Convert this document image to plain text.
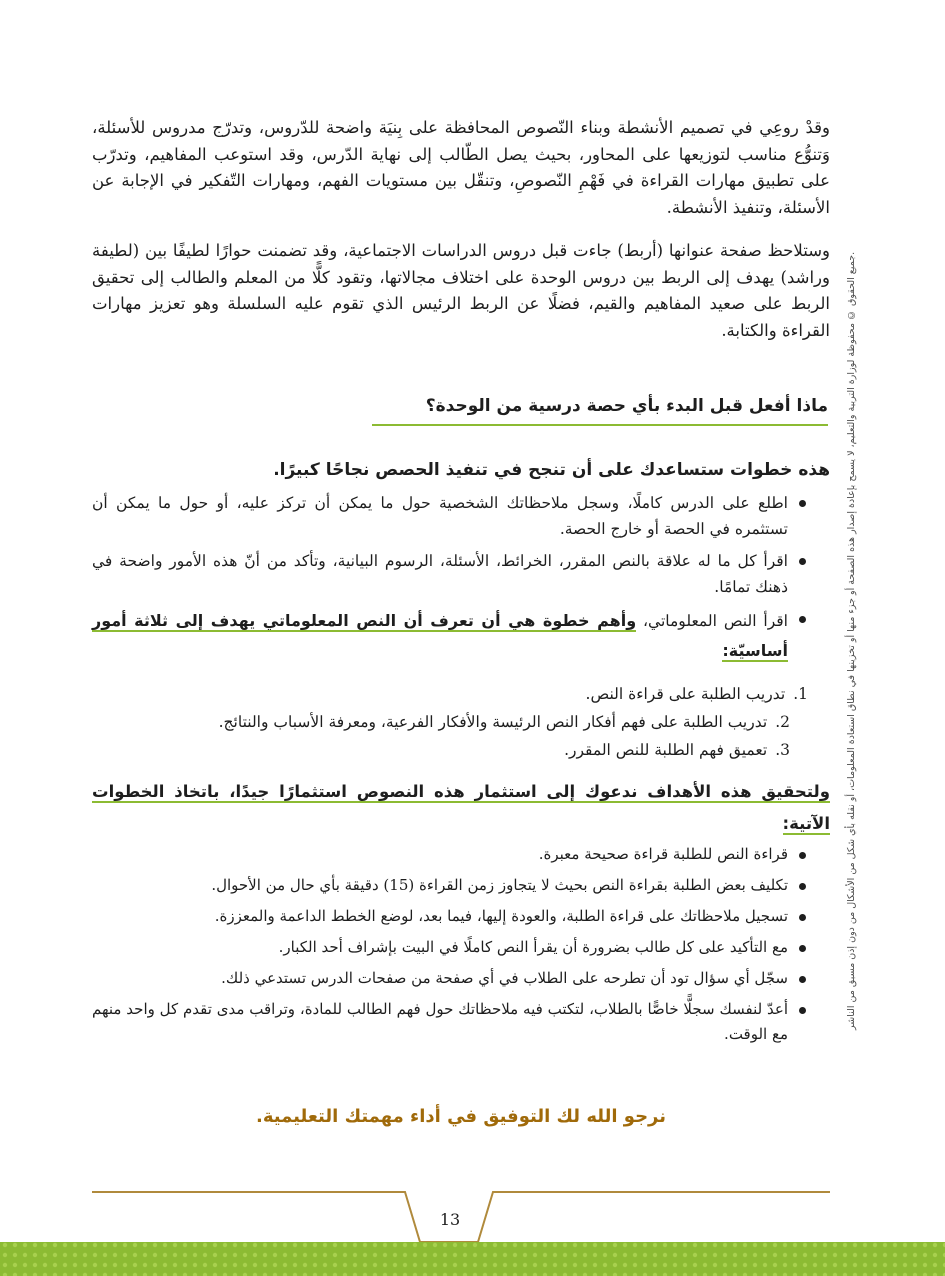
جميع الحقوق © محفوظة لوزارة التربية والتعليم، لا يسمح بإعادة إصدار هذه الصفحة أو جزء منها أو تخزينها في نطاق استعادة المعلومات، أو نقله بأي شكل من الأشكال من دون إذن مسبق من الناشر.
وقدْ روعِي في تصميم الأنشطة وبناء النّصوص المحافظة على بِنيَة واضحة للدّروس، وتدرّج مدروس للأسئلة، وَتنوُّع مناسب لتوزيعها على المحاور، بحيث يصل الطّالب إلى نهاية الدّرس، وقد استوعب المفاهيم، وتدرّب على تطبيق مهارات القراءة في فَهْمِ النّصوصِ، وتنقّل بين مستويات الفهم، ومهارات التّفكير في الإجابة عن الأسئلة، وتنفيذ الأنشطة.
وستلاحظ صفحة عنوانها (أربط) جاءت قبل دروس الدراسات الاجتماعية، وقد تضمنت حوارًا لطيفًا بين (لطيفة وراشد) يهدف إلى الربط بين دروس الوحدة على اختلاف مجالاتها، وتقود كلًّا من المعلم والطالب إلى تحقيق الربط على صعيد المفاهيم والقيم، فضلًا عن الربط الرئيس الذي تقوم عليه السلسلة وهو تعزيز مهارات القراءة والكتابة.
ماذا أفعل قبل البدء بأي حصة درسية من الوحدة؟
هذه خطوات ستساعدك على أن تنجح في تنفيذ الحصص نجاحًا كبيرًا.
اطلع على الدرس كاملًا، وسجل ملاحظاتك الشخصية حول ما يمكن أن تركز عليه، أو حول ما يمكن أن تستثمره في الحصة أو خارج الحصة.
اقرأ كل ما له علاقة بالنص المقرر، الخرائط، الأسئلة، الرسوم البيانية، وتأكد من أنّ هذه الأمور واضحة في ذهنك تمامًا.
اقرأ النص المعلوماتي، وأهم خطوة هي أن تعرف أن النص المعلوماتي يهدف إلى ثلاثة أمور أساسيّة:
1.
تدريب الطلبة على قراءة النص.
2.
تدريب الطلبة على فهم أفكار النص الرئيسة والأفكار الفرعية، ومعرفة الأسباب والنتائج.
3.
تعميق فهم الطلبة للنص المقرر.
ولتحقيق هذه الأهداف ندعوك إلى استثمار هذه النصوص استثمارًا جيدًا، باتخاذ الخطوات الآتية:
قراءة النص للطلبة قراءة صحيحة معبرة.
تكليف بعض الطلبة بقراءة النص بحيث لا يتجاوز زمن القراءة (15) دقيقة بأي حال من الأحوال.
تسجيل ملاحظاتك على قراءة الطلبة، والعودة إليها، فيما بعد، لوضع الخطط الداعمة والمعززة.
مع التأكيد على كل طالب بضرورة أن يقرأ النص كاملًا في البيت بإشراف أحد الكبار.
سجّل أي سؤال تود أن تطرحه على الطلاب في أي صفحة من صفحات الدرس تستدعي ذلك.
أعدّ لنفسك سجلًّا خاصًّا بالطلاب، لتكتب فيه ملاحظاتك حول فهم الطالب للمادة، وتراقب مدى تقدم كل واحد منهم مع الوقت.
نرجو الله لك التوفيق في أداء مهمتك التعليمية.
13
